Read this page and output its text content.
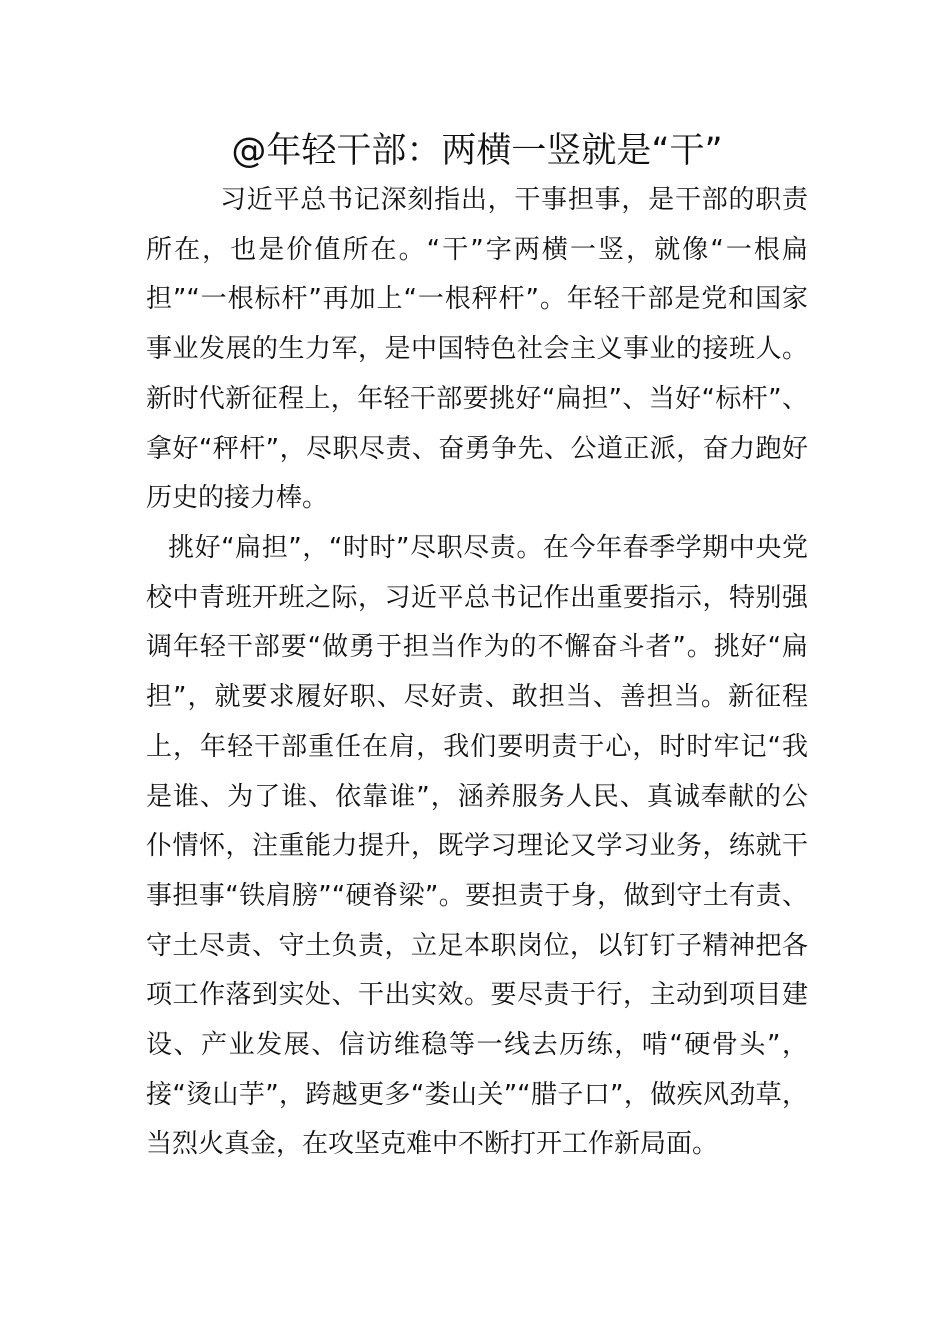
@年轻干部：两横一竖就是“干”

习近平总书记深刻指出，干事担事，是干部的职责所在，也是价值所在。“干”字两横一竖，就像“一根扁担”“一根标杆”再加上“一根秤杆”。年轻干部是党和国家事业发展的生力军，是中国特色社会主义事业的接班人。新时代新征程上，年轻干部要挑好“扁担”、当好“标杆”、拿好“秤杆”，尽职尽责、奋勇争先、公道正派，奋力跑好历史的接力棒。

挑好“扁担”，“时时”尽职尽责。在今年春季学期中央党校中青班开班之际，习近平总书记作出重要指示，特别强调年轻干部要“做勇于担当作为的不懈奋斗者”。挑好“扁担”，就要求履好职、尽好责、敢担当、善担当。新征程上，年轻干部重任在肩，我们要明责于心，时时牢记“我是谁、为了谁、依靠谁”，涵养服务人民、真诚奉献的公仆情怀，注重能力提升，既学习理论又学习业务，练就干事担事“铁肩膀”“硬脊梁”。要担责于身，做到守土有责、守土尽责、守土负责，立足本职岗位，以钉钉子精神把各项工作落到实处、干出实效。要尽责于行，主动到项目建设、产业发展、信访维稳等一线去历练，啃“硬骨头”，接“烫山芋”，跨越更多“娄山关”“腊子口”，做疾风劲草，当烈火真金，在攻坚克难中不断打开工作新局面。
